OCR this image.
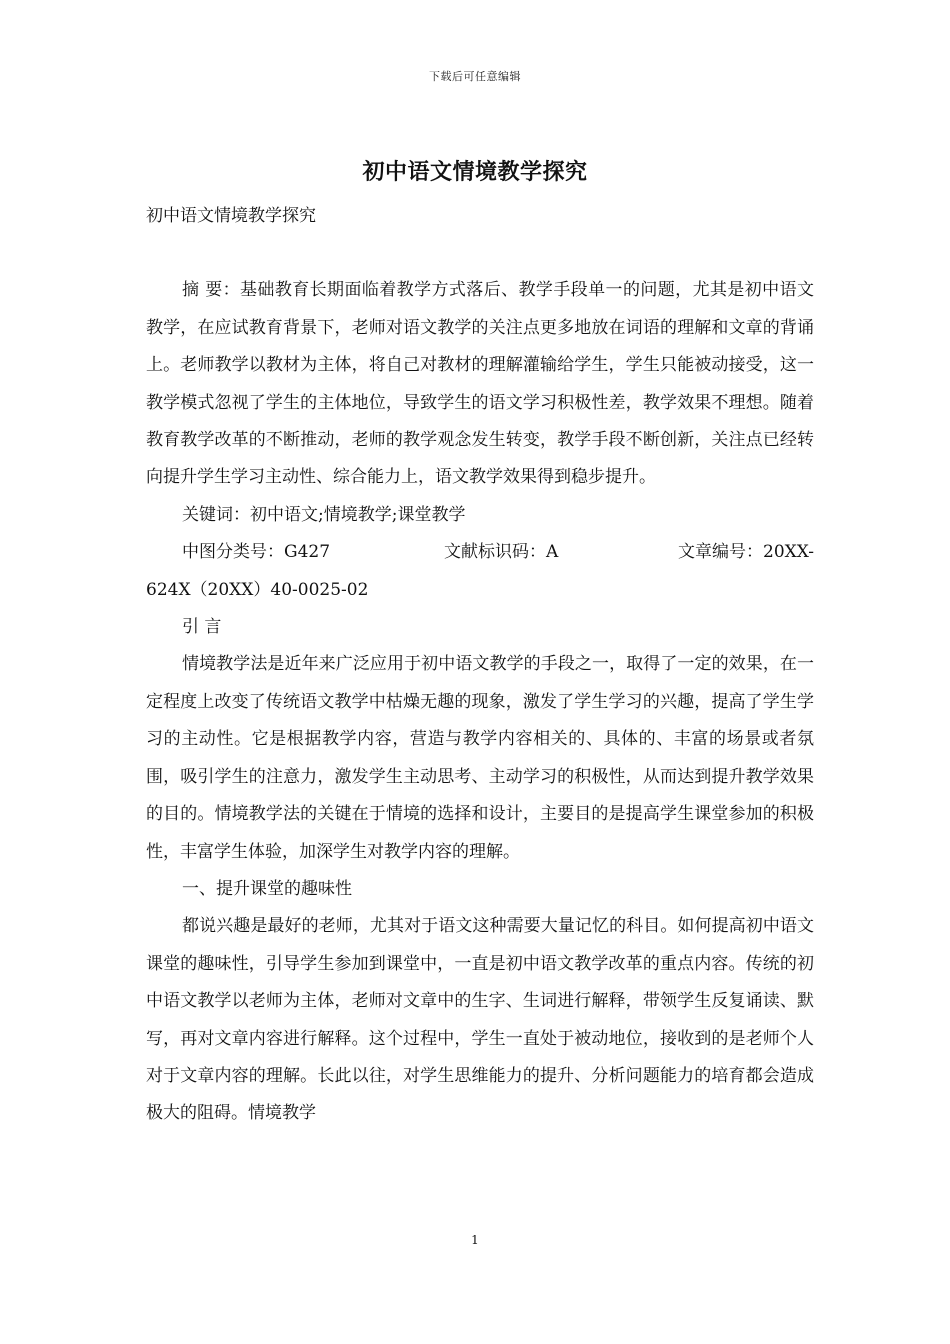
下载后可任意编辑
初中语文情境教学探究

初中语文情境教学探究

摘 要：基础教育长期面临着教学方式落后、教学手段单一的问题，尤其是初中语文教学，在应试教育背景下，老师对语文教学的关注点更多地放在词语的理解和文章的背诵上。老师教学以教材为主体，将自己对教材的理解灌输给学生，学生只能被动接受，这一教学模式忽视了学生的主体地位，导致学生的语文学习积极性差，教学效果不理想。随着教育教学改革的不断推动，老师的教学观念发生转变，教学手段不断创新，关注点已经转向提升学生学习主动性、综合能力上，语文教学效果得到稳步提升。

关键词：初中语文;情境教学;课堂教学

中图分类号：G427	文献标识码：A	文章编号：20XX-

624X（20XX）40-0025-02

引 言

情境教学法是近年来广泛应用于初中语文教学的手段之一，取得了一定的效果，在一定程度上改变了传统语文教学中枯燥无趣的现象，激发了学生学习的兴趣，提高了学生学习的主动性。它是根据教学内容，营造与教学内容相关的、具体的、丰富的场景或者氛围，吸引学生的注意力，激发学生主动思考、主动学习的积极性，从而达到提升教学效果的目的。情境教学法的关键在于情境的选择和设计，主要目的是提高学生课堂参加的积极性，丰富学生体验，加深学生对教学内容的理解。

一、提升课堂的趣味性

都说兴趣是最好的老师，尤其对于语文这种需要大量记忆的科目。如何提高初中语文课堂的趣味性，引导学生参加到课堂中，一直是初中语文教学改革的重点内容。传统的初中语文教学以老师为主体，老师对文章中的生字、生词进行解释，带领学生反复诵读、默写，再对文章内容进行解释。这个过程中，学生一直处于被动地位，接收到的是老师个人对于文章内容的理解。长此以往，对学生思维能力的提升、分析问题能力的培育都会造成极大的阻碍。情境教学

1
